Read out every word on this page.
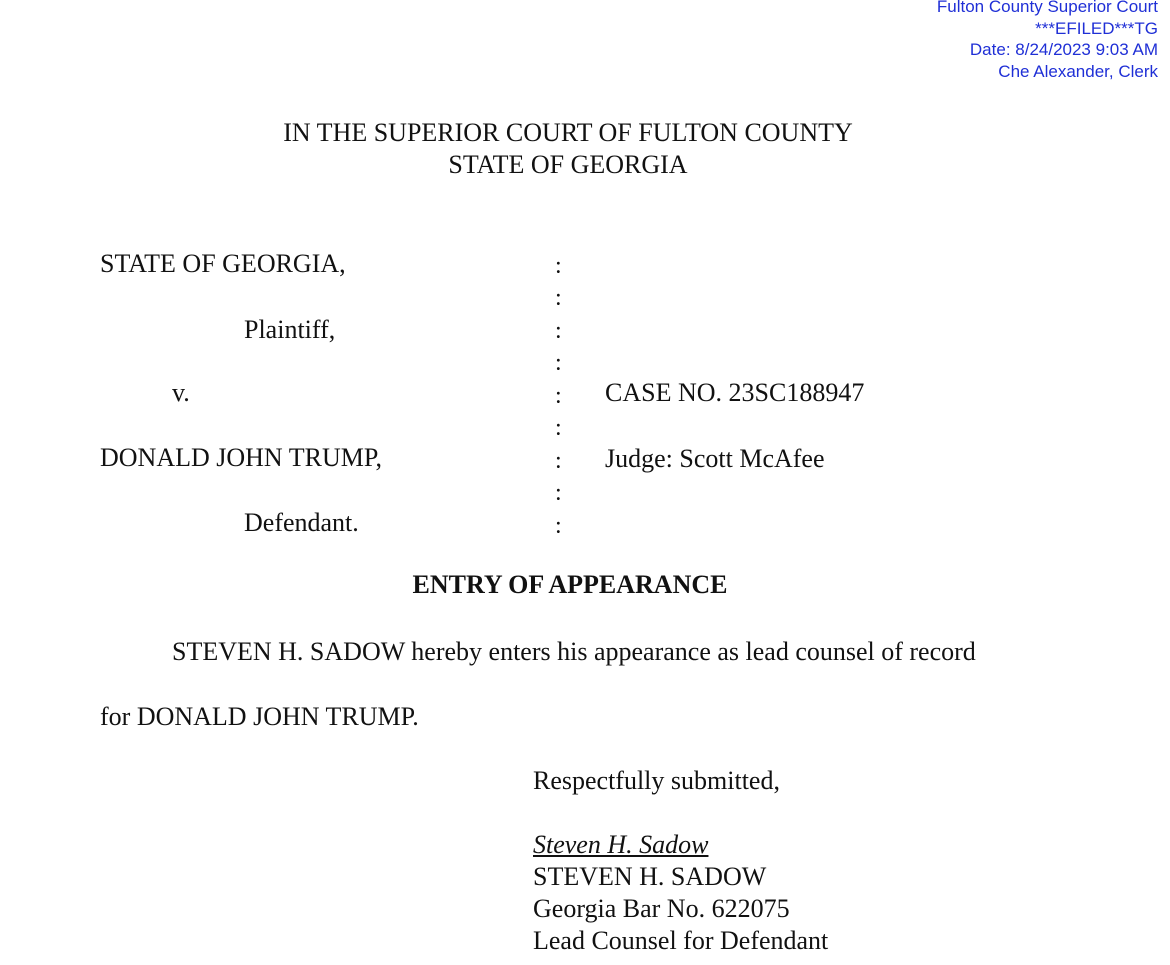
Fulton County Superior Court
***EFILED***TG
Date: 8/24/2023 9:03 AM
Che Alexander, Clerk
IN THE SUPERIOR COURT OF FULTON COUNTY
STATE OF GEORGIA
STATE OF GEORGIA,
Plaintiff,
v.
DONALD JOHN TRUMP,
Defendant.
:
:
:
:
:
:
:
:
:
CASE NO. 23SC188947
Judge: Scott McAfee
ENTRY OF APPEARANCE
STEVEN H. SADOW hereby enters his appearance as lead counsel of record
for DONALD JOHN TRUMP.
Respectfully submitted,
Steven H. Sadow
STEVEN H. SADOW
Georgia Bar No. 622075
Lead Counsel for Defendant
